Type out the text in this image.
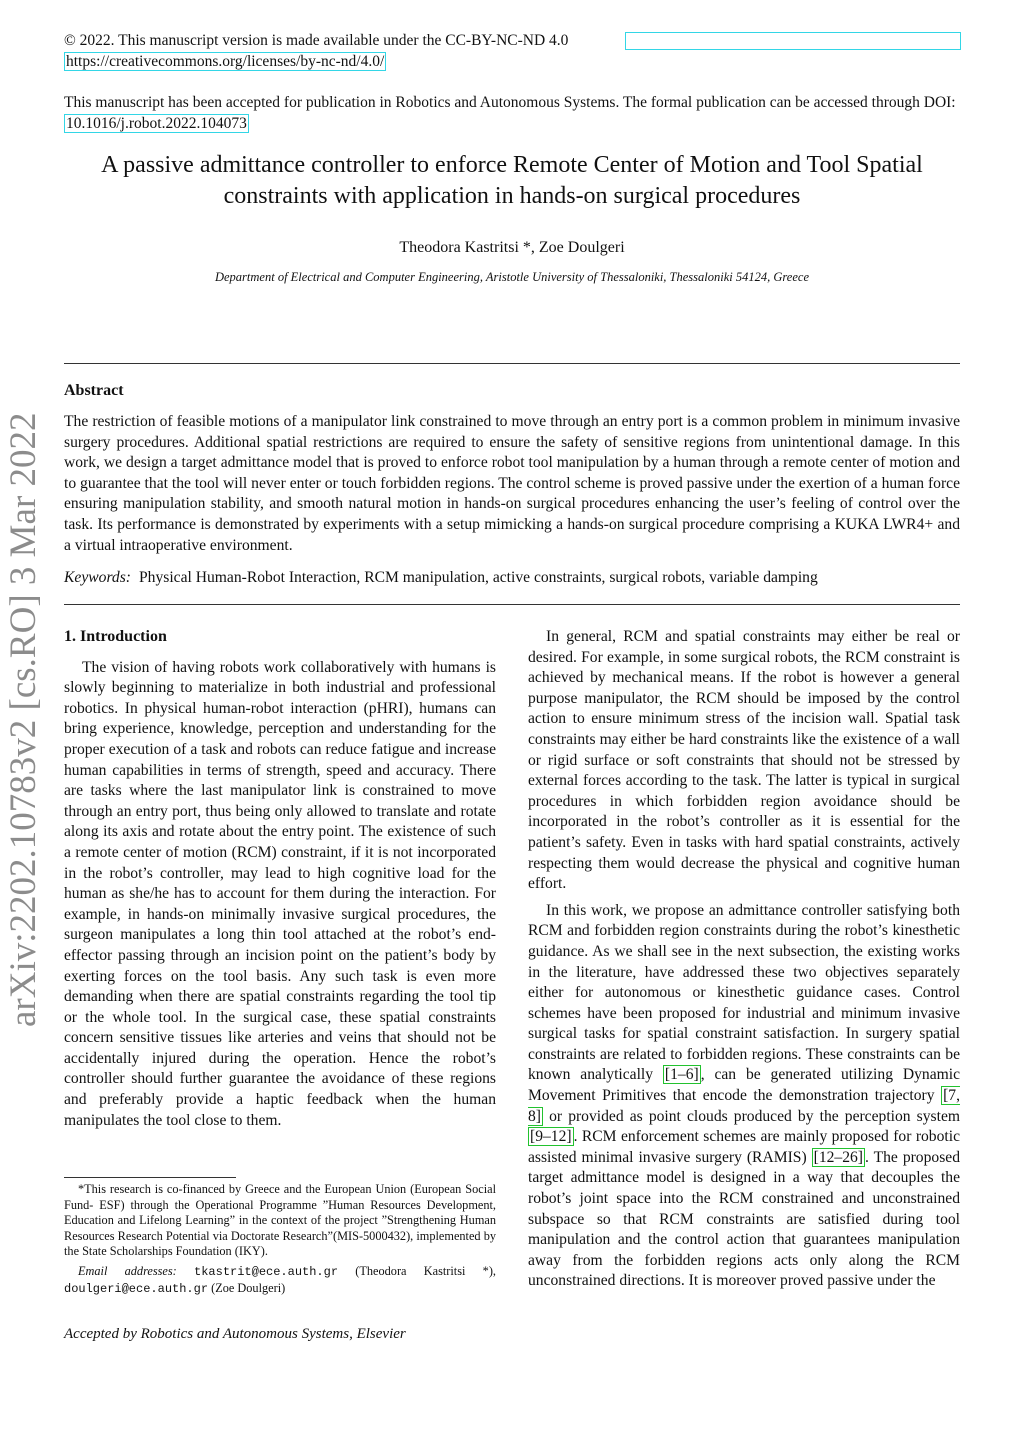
© 2022. This manuscript version is made available under the CC-BY-NC-ND 4.0
https://creativecommons.org/licenses/by-nc-nd/4.0/
This manuscript has been accepted for publication in Robotics and Autonomous Systems. The formal publication can be accessed through DOI: 10.1016/j.robot.2022.104073
A passive admittance controller to enforce Remote Center of Motion and Tool Spatial
constraints with application in hands-on surgical procedures
Theodora Kastritsi *, Zoe Doulgeri
Department of Electrical and Computer Engineering, Aristotle University of Thessaloniki, Thessaloniki 54124, Greece
Abstract
The restriction of feasible motions of a manipulator link constrained to move through an entry port is a common problem in minimum invasive surgery procedures. Additional spatial restrictions are required to ensure the safety of sensitive regions from unintentional damage. In this work, we design a target admittance model that is proved to enforce robot tool manipulation by a human through a remote center of motion and to guarantee that the tool will never enter or touch forbidden regions. The control scheme is proved passive under the exertion of a human force ensuring manipulation stability, and smooth natural motion in hands-on surgical procedures enhancing the user’s feeling of control over the task. Its performance is demonstrated by experiments with a setup mimicking a hands-on surgical procedure comprising a KUKA LWR4+ and a virtual intraoperative environment.
Keywords: Physical Human-Robot Interaction, RCM manipulation, active constraints, surgical robots, variable damping
arXiv:2202.10783v2 [cs.RO] 3 Mar 2022 1. Introduction

The vision of having robots work collaboratively with humans is slowly beginning to materialize in both industrial and professional robotics. In physical human-robot interaction (pHRI), humans can bring experience, knowledge, perception and understanding for the proper execution of a task and robots can reduce fatigue and increase human capabilities in terms of strength, speed and accuracy. There are tasks where the last manipulator link is constrained to move through an entry port, thus being only allowed to translate and rotate along its axis and rotate about the entry point. The existence of such a remote center of motion (RCM) constraint, if it is not incorporated in the robot’s controller, may lead to high cognitive load for the human as she/he has to account for them during the interaction. For example, in hands-on minimally invasive surgical procedures, the surgeon manipulates a long thin tool attached at the robot’s end-effector passing through an incision point on the patient’s body by exerting forces on the tool basis. Any such task is even more demanding when there are spatial constraints regarding the tool tip or the whole tool. In the surgical case, these spatial constraints concern sensitive tissues like arteries and veins that should not be accidentally injured during the operation. Hence the robot’s controller should further guarantee the avoidance of these regions and preferably provide a haptic feedback when the human manipulates the tool close to them.

In general, RCM and spatial constraints may either be real or desired. For example, in some surgical robots, the RCM constraint is achieved by mechanical means. If the robot is however a general purpose manipulator, the RCM should be imposed by the control action to ensure minimum stress of the incision wall. Spatial task constraints may either be hard constraints like the existence of a wall or rigid surface or soft constraints that should not be stressed by external forces according to the task. The latter is typical in surgical procedures in which forbidden region avoidance should be incorporated in the robot’s controller as it is essential for the patient’s safety. Even in tasks with hard spatial constraints, actively respecting them would decrease the physical and cognitive human effort.

In this work, we propose an admittance controller satisfying both RCM and forbidden region constraints during the robot’s kinesthetic guidance. As we shall see in the next subsection, the existing works in the literature, have addressed these two objectives separately either for autonomous or kinesthetic guidance cases. Control schemes have been proposed for industrial and minimum invasive surgical tasks for spatial constraint satisfaction. In surgery spatial constraints are related to forbidden regions. These constraints can be known analytically [1–6] , can be generated utilizing Dynamic Movement Primitives that encode the demonstration trajectory [7, 8] or provided as point clouds produced by the perception system [9–12] . RCM enforcement schemes are mainly proposed for robotic assisted minimal invasive surgery (RAMIS) [12–26] . The proposed target admittance model is designed in a way that decouples the robot’s joint space into the RCM constrained and unconstrained subspace so that RCM constraints are satisfied during tool manipulation and the control action that guarantees manipulation away from the forbidden regions acts only along the RCM unconstrained directions. It is moreover proved passive under the

*This research is co-financed by Greece and the European Union (European Social Fund- ESF) through the Operational Programme ”Human Resources Development, Education and Lifelong Learning” in the context of the project ”Strengthening Human Resources Research Potential via Doctorate Research”(MIS-5000432), implemented by the State Scholarships Foundation (IKY).

Email addresses: tkastrit@ece.auth.gr (Theodora Kastritsi *), doulgeri@ece.auth.gr (Zoe Doulgeri)

Accepted by Robotics and Autonomous Systems, Elsevier
